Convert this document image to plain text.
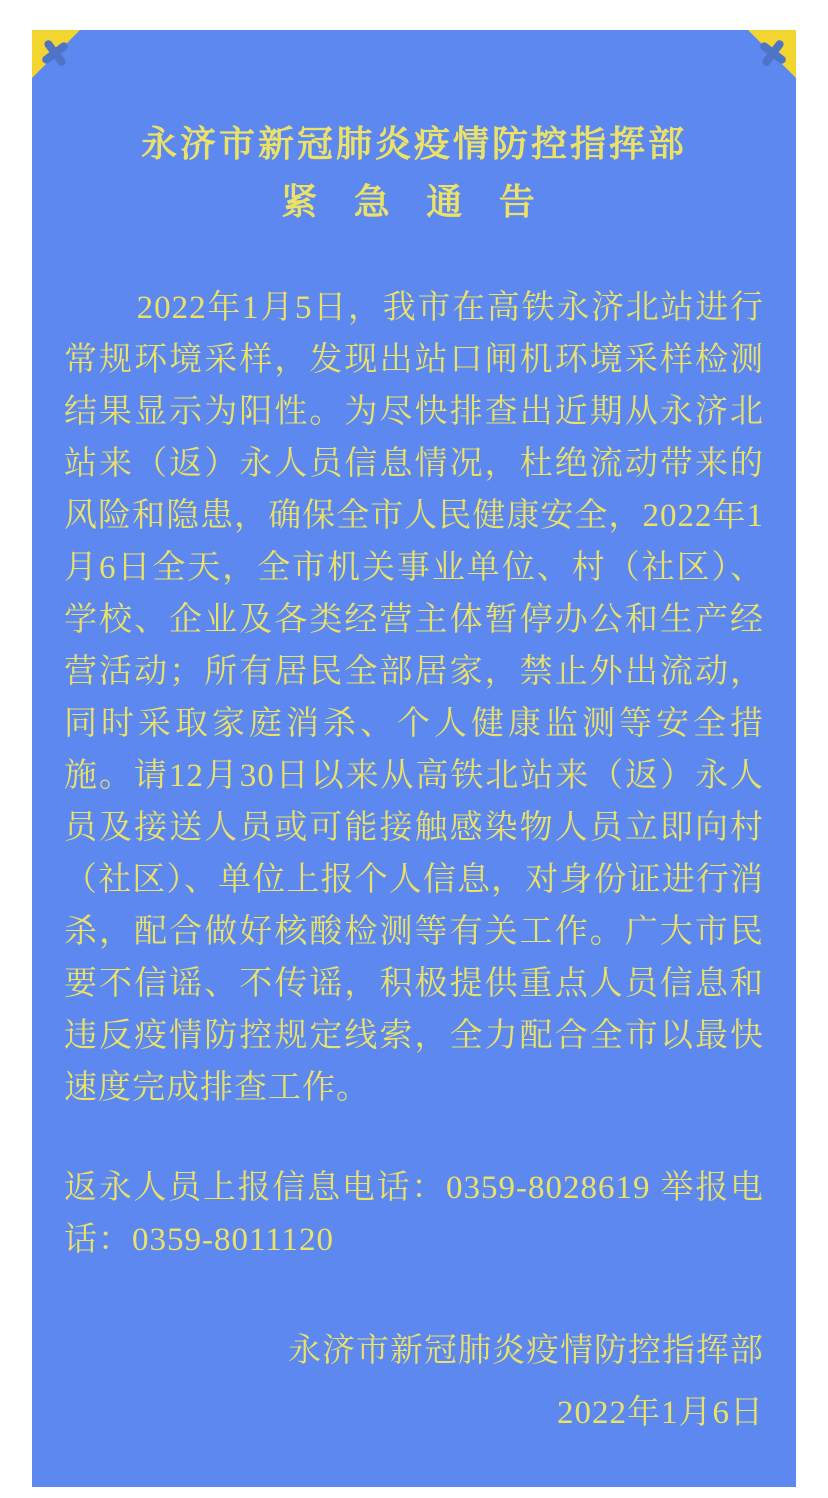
永济市新冠肺炎疫情防控指挥部
紧 急 通 告

2022年1月5日，我市在高铁永济北站进行常规环境采样，发现出站口闸机环境采样检测结果显示为阳性。为尽快排查出近期从永济北站来（返）永人员信息情况，杜绝流动带来的风险和隐患，确保全市人民健康安全，2022年1月6日全天，全市机关事业单位、村（社区）、学校、企业及各类经营主体暂停办公和生产经营活动；所有居民全部居家，禁止外出流动，同时采取家庭消杀、个人健康监测等安全措施。请12月30日以来从高铁北站来（返）永人员及接送人员或可能接触感染物人员立即向村（社区）、单位上报个人信息，对身份证进行消杀，配合做好核酸检测等有关工作。广大市民要不信谣、不传谣，积极提供重点人员信息和违反疫情防控规定线索，全力配合全市以最快速度完成排查工作。

返永人员上报信息电话：0359-8028619 举报电话：0359-8011120

永济市新冠肺炎疫情防控指挥部
2022年1月6日
